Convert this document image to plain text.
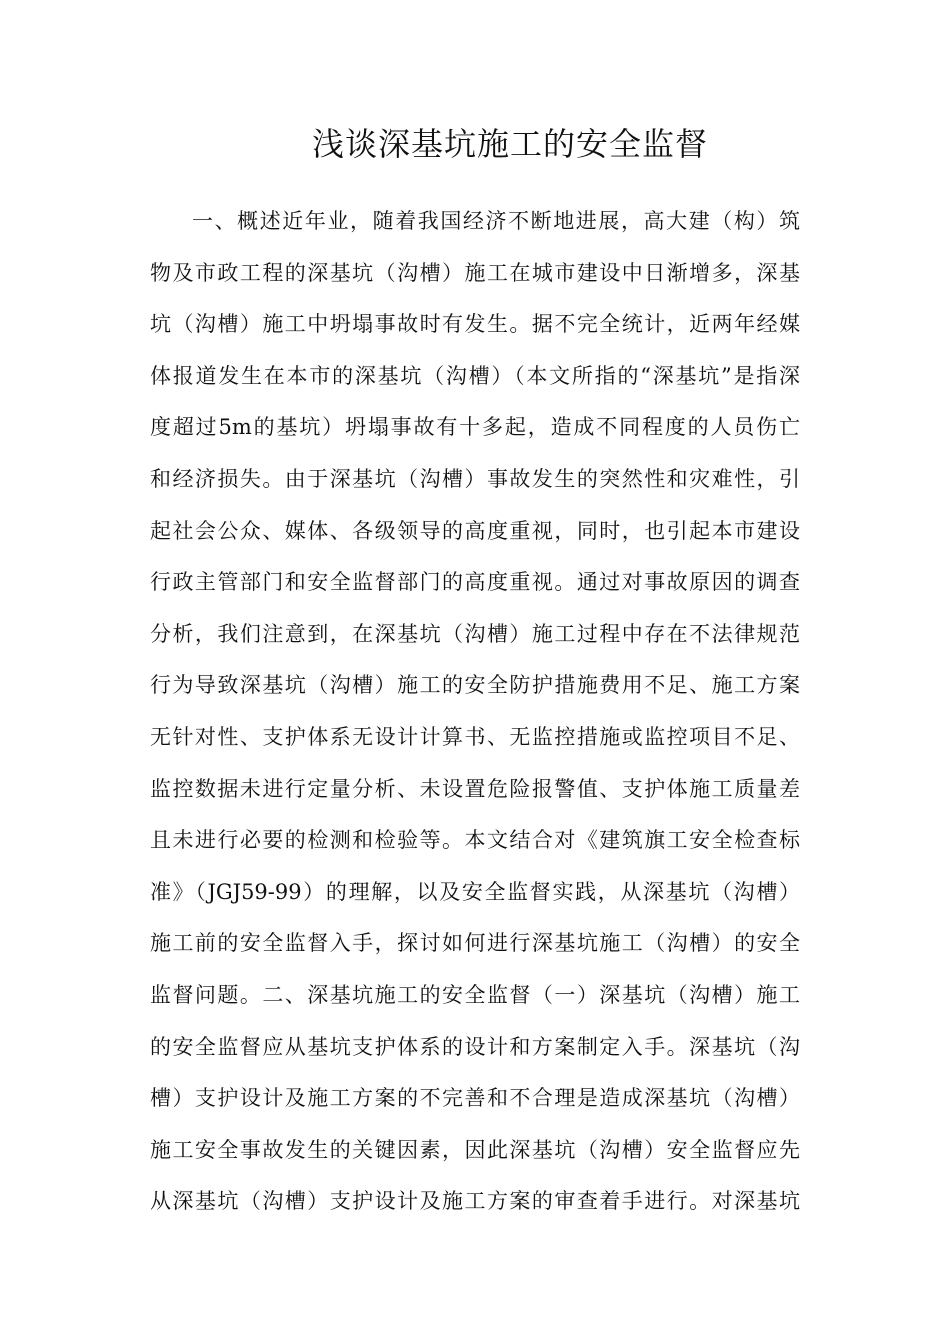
浅谈深基坑施工的安全监督
一、概述近年业，随着我国经济不断地进展，高大建（构）筑
物及市政工程的深基坑（沟槽）施工在城市建设中日渐增多，深基
坑（沟槽）施工中坍塌事故时有发生。据不完全统计，近两年经媒
体报道发生在本市的深基坑（沟槽）（本文所指的“深基坑”是指深
度超过5m的基坑）坍塌事故有十多起，造成不同程度的人员伤亡
和经济损失。由于深基坑（沟槽）事故发生的突然性和灾难性，引
起社会公众、媒体、各级领导的高度重视，同时，也引起本市建设
行政主管部门和安全监督部门的高度重视。通过对事故原因的调查
分析，我们注意到，在深基坑（沟槽）施工过程中存在不法律规范
行为导致深基坑（沟槽）施工的安全防护措施费用不足、施工方案
无针对性、支护体系无设计计算书、无监控措施或监控项目不足、
监控数据未进行定量分析、未设置危险报警值、支护体施工质量差
且未进行必要的检测和检验等。本文结合对《建筑旗工安全检查标
准》（JGJ59-99）的理解，以及安全监督实践，从深基坑（沟槽）
施工前的安全监督入手，探讨如何进行深基坑施工（沟槽）的安全
监督问题。二、深基坑施工的安全监督（一）深基坑（沟槽）施工
的安全监督应从基坑支护体系的设计和方案制定入手。深基坑（沟
槽）支护设计及施工方案的不完善和不合理是造成深基坑（沟槽）
施工安全事故发生的关键因素，因此深基坑（沟槽）安全监督应先
从深基坑（沟槽）支护设计及施工方案的审查着手进行。对深基坑
